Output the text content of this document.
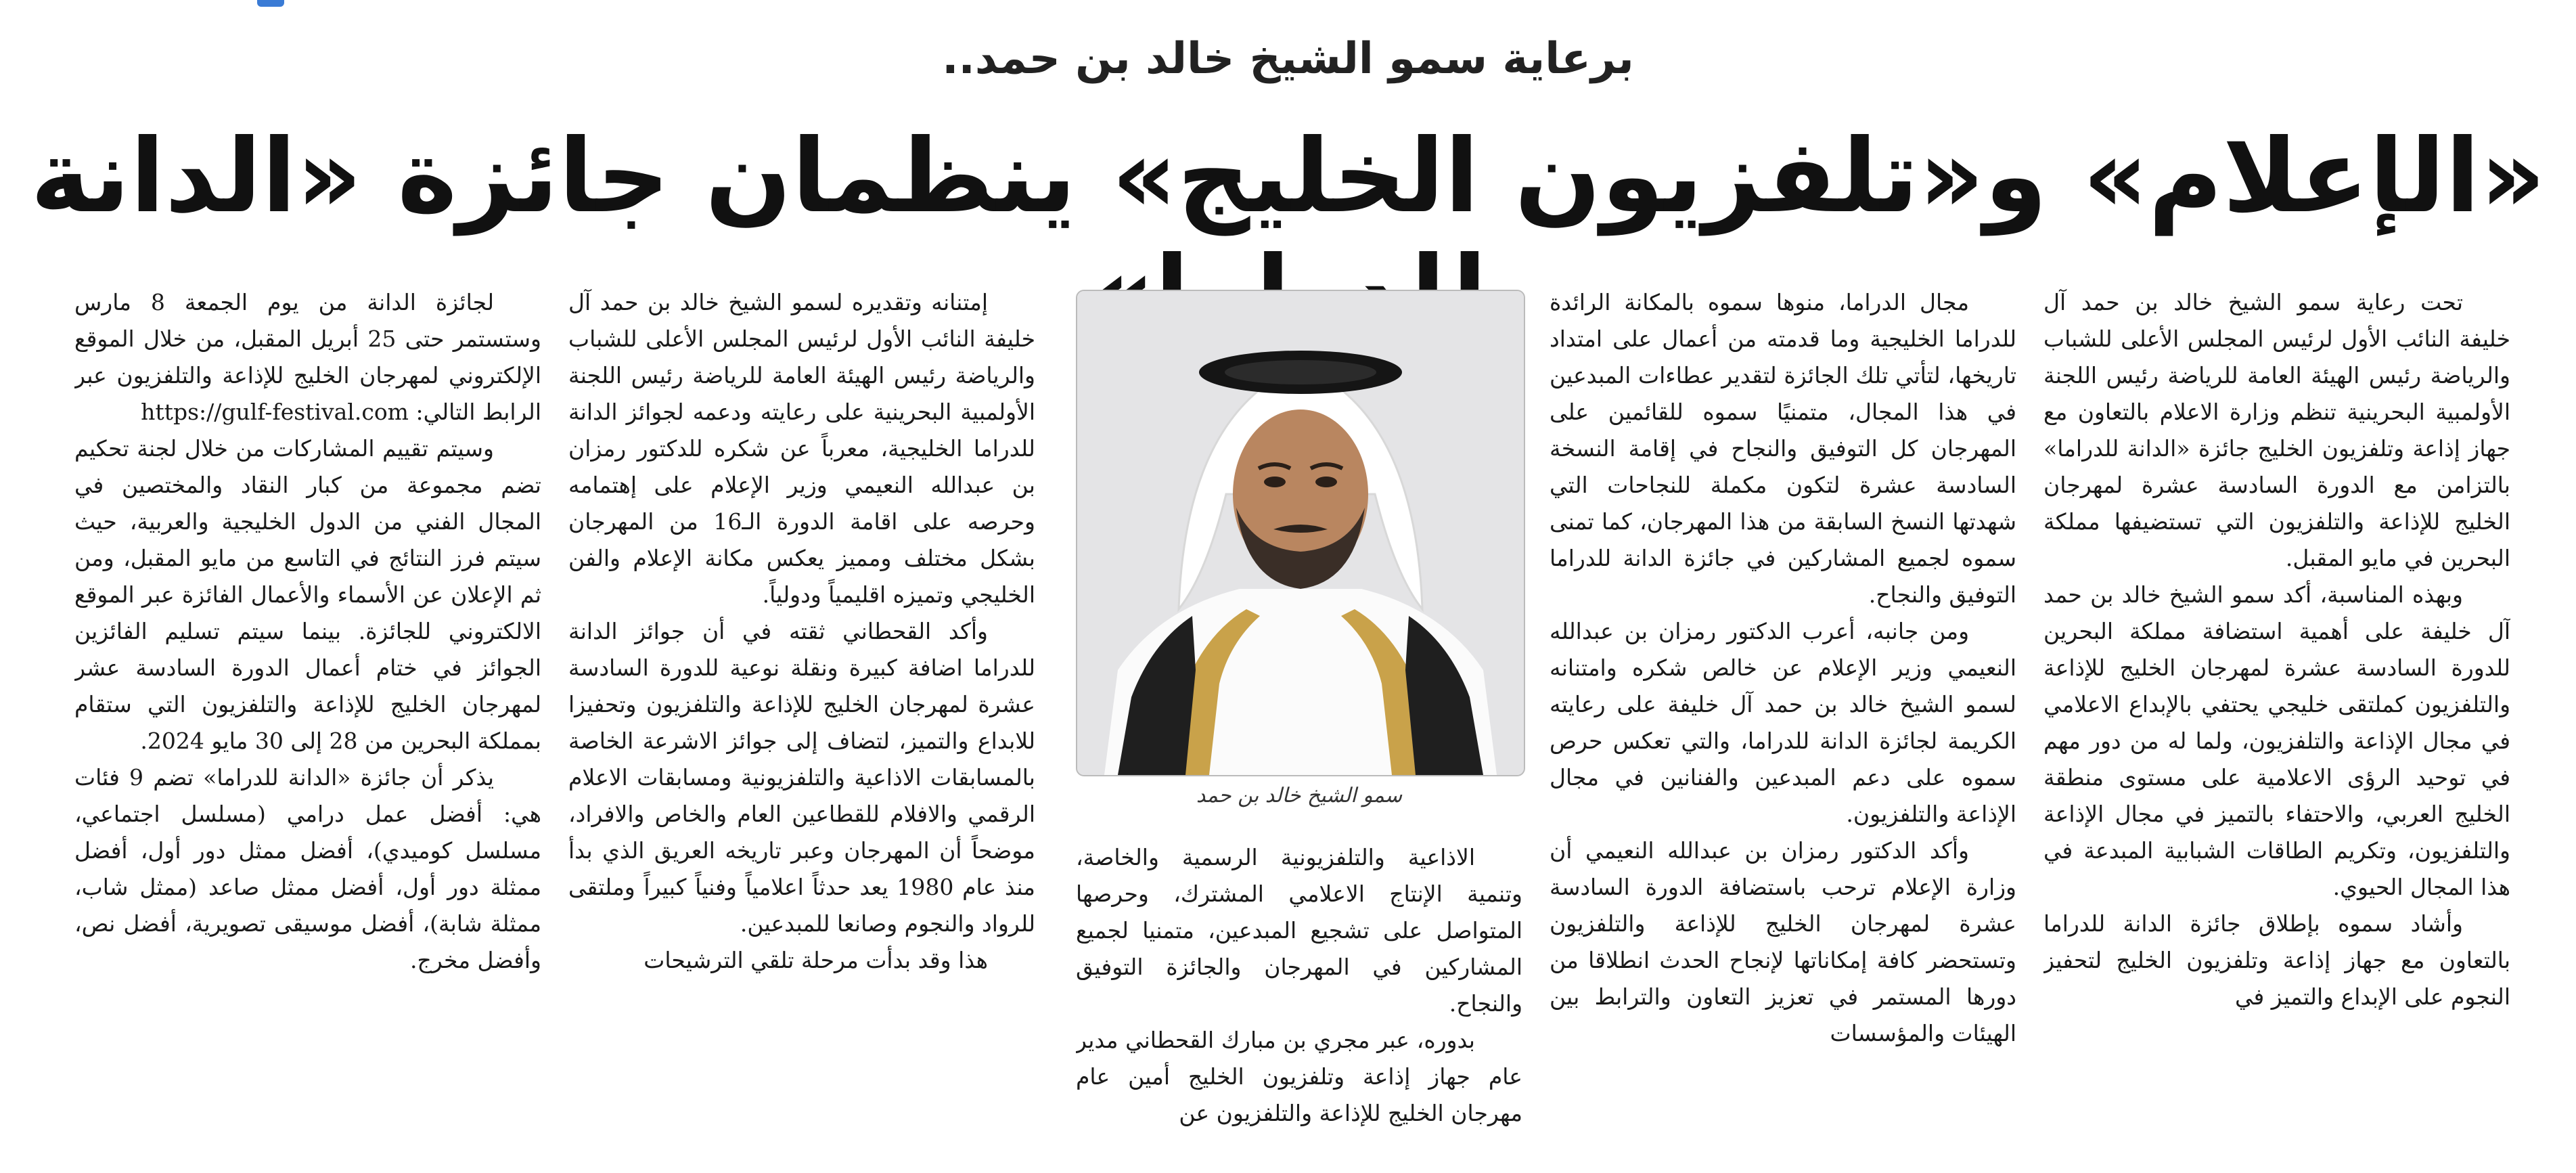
برعاية سمو الشيخ خالد بن حمد..
«الإعلام» و«تلفزيون الخليج» ينظمان جائزة «الدانة

تحت رعاية سمو الشيخ خالد بن حمد آل خليفة النائب الأول لرئيس المجلس الأعلى للشباب والرياضة رئيس الهيئة العامة للرياضة رئيس اللجنة الأولمبية البحرينية تنظم وزارة الاعلام بالتعاون مع جهاز إذاعة وتلفزيون الخليج جائزة «الدانة للدراما» بالتزامن مع الدورة السادسة عشرة لمهرجان الخليج للإذاعة والتلفزيون التي تستضيفها مملكة البحرين في مايو المقبل.

وبهذه المناسبة، أكد سمو الشيخ خالد بن حمد آل خليفة على أهمية استضافة مملكة البحرين للدورة السادسة عشرة لمهرجان الخليج للإذاعة والتلفزيون كملتقى خليجي يحتفي بالإبداع الاعلامي في مجال الإذاعة والتلفزيون، ولما له من دور مهم في توحيد الرؤى الاعلامية على مستوى منطقة الخليج العربي، والاحتفاء بالتميز في مجال الإذاعة والتلفزيون، وتكريم الطاقات الشبابية المبدعة في هذا المجال الحيوي.

وأشاد سموه بإطلاق جائزة الدانة للدراما بالتعاون مع جهاز إذاعة وتلفزيون الخليج لتحفيز النجوم على الإبداع والتميز في

مجال الدراما، منوها سموه بالمكانة الرائدة للدراما الخليجية وما قدمته من أعمال على امتداد تاريخها، لتأتي تلك الجائزة لتقدير عطاءات المبدعين في هذا المجال، متمنيًا سموه للقائمين على المهرجان كل التوفيق والنجاح في إقامة النسخة السادسة عشرة لتكون مكملة للنجاحات التي شهدتها النسخ السابقة من هذا المهرجان، كما تمنى سموه لجميع المشاركين في جائزة الدانة للدراما التوفيق والنجاح.

ومن جانبه، أعرب الدكتور رمزان بن عبدالله النعيمي وزير الإعلام عن خالص شكره وامتنانه لسمو الشيخ خالد بن حمد آل خليفة على رعايته الكريمة لجائزة الدانة للدراما، والتي تعكس حرص سموه على دعم المبدعين والفنانين في مجال الإذاعة والتلفزيون.

وأكد الدكتور رمزان بن عبدالله النعيمي أن وزارة الإعلام ترحب باستضافة الدورة السادسة عشرة لمهرجان الخليج للإذاعة والتلفزيون وتستحضر كافة إمكاناتها لإنجاح الحدث انطلاقا من دورها المستمر في تعزيز التعاون والترابط بين الهيئات والمؤسسات

سمو الشيخ خالد بن حمد

الاذاعية والتلفزيونية الرسمية والخاصة، وتنمية الإنتاج الاعلامي المشترك، وحرصها المتواصل على تشجيع المبدعين، متمنيا لجميع المشاركين في المهرجان والجائزة التوفيق والنجاح.

بدوره، عبر مجري بن مبارك القحطاني مدير عام جهاز إذاعة وتلفزيون الخليج أمين عام مهرجان الخليج للإذاعة والتلفزيون عن

إمتنانه وتقديره لسمو الشيخ خالد بن حمد آل خليفة النائب الأول لرئيس المجلس الأعلى للشباب والرياضة رئيس الهيئة العامة للرياضة رئيس اللجنة الأولمبية البحرينية على رعايته ودعمه لجوائز الدانة للدراما الخليجية، معرباً عن شكره للدكتور رمزان بن عبدالله النعيمي وزير الإعلام على إهتمامه وحرصه على اقامة الدورة الـ16 من المهرجان بشكل مختلف ومميز يعكس مكانة الإعلام والفن الخليجي وتميزه اقليمياً ودولياً.

وأكد القحطاني ثقته في أن جوائز الدانة للدراما اضافة كبيرة ونقلة نوعية للدورة السادسة عشرة لمهرجان الخليج للإذاعة والتلفزيون وتحفيزا للابداع والتميز، لتضاف إلى جوائز الاشرعة الخاصة بالمسابقات الاذاعية والتلفزيونية ومسابقات الاعلام الرقمي والافلام للقطاعين العام والخاص والافراد، موضحاً أن المهرجان وعبر تاريخه العريق الذي بدأ منذ عام 1980 يعد حدثاً اعلامياً وفنياً كبيراً وملتقى للرواد والنجوم وصانعا للمبدعين.

هذا وقد بدأت مرحلة تلقي الترشيحات

لجائزة الدانة من يوم الجمعة 8 مارس وستستمر حتى 25 أبريل المقبل، من خلال الموقع الإلكتروني لمهرجان الخليج للإذاعة والتلفزيون عبر الرابط التالي: https://gulf-festival.com

وسيتم تقييم المشاركات من خلال لجنة تحكيم تضم مجموعة من كبار النقاد والمختصين في المجال الفني من الدول الخليجية والعربية، حيث سيتم فرز النتائج في التاسع من مايو المقبل، ومن ثم الإعلان عن الأسماء والأعمال الفائزة عبر الموقع الالكتروني للجائزة. بينما سيتم تسليم الفائزين الجوائز في ختام أعمال الدورة السادسة عشر لمهرجان الخليج للإذاعة والتلفزيون التي ستقام بمملكة البحرين من 28 إلى 30 مايو 2024.

يذكر أن جائزة «الدانة للدراما» تضم 9 فئات هي: أفضل عمل درامي (مسلسل اجتماعي، مسلسل كوميدي)، أفضل ممثل دور أول، أفضل ممثلة دور أول، أفضل ممثل صاعد (ممثل شاب، ممثلة شابة)، أفضل موسيقى تصويرية، أفضل نص، وأفضل مخرج.
